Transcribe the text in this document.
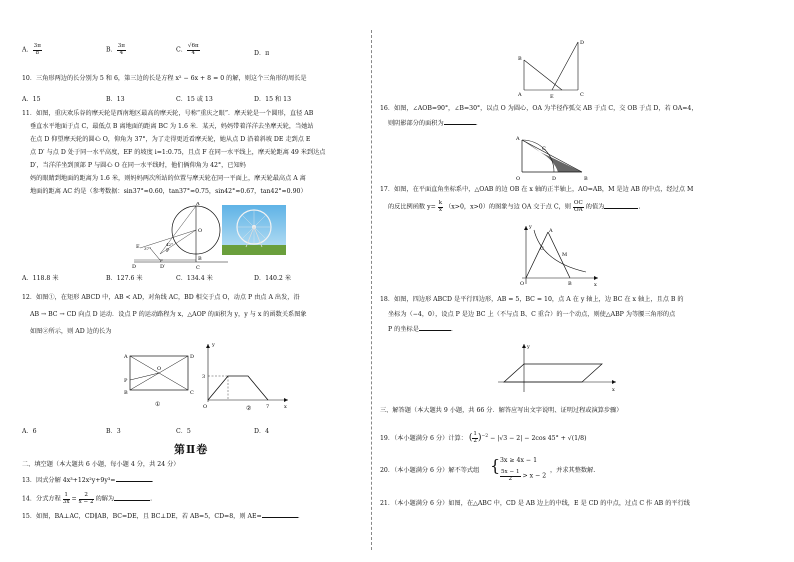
A． $\frac{3\pi}{8}$	B． $\frac{3\pi}{4}$	C． $\frac{√6\pi}{4}$	D．π
10．三角形两边的长分别为 5 和 6，第三边的长是方程 x² − 6x + 8 = 0 的解，则这个三角形的周长是
A．15	B．13	C．15 或 13	D．15 和 13
11．如图，重庆欢乐谷的摩天轮是西南地区最高的摩天轮，号称“重庆之眼”．摩天轮是一个圆形，直径 AB
垂直水平地面于点 C，最低点 B 离地面的距离 BC 为 1.6 米．某天，妈妈带着洋洋去坐摩天轮，当她站
在点 D 仰望摩天轮的圆心 O，仰角为 37°，为了走得更近看摩天轮，她从点 D 沿着斜坡 DE 走到点 E
点 D′ 与点 D 处于同一水平高度，EF 的坡度 i=1:0.75，且点 F 在同一水平线上，摩天轮距离 49 米到达点
D′，当洋洋坐到顶部 P 与圆心 O 在同一水平线时，他们俩仰角为 42°，已知妈
妈的眼睛到地面的距离为 1.6 米，则妈妈两次所站的位置与摩天轮在同一平面上，摩天轮最高点 A 离
地面的距离 AC 约是（参考数据：sin37°≈0.60，tan37°≈0.75，sin42°≈0.67，tan42°≈0.90）
A
O
B
C
E
P
D	D′
F
37°
42°
A．118.8 米	B．127.6 米	C．134.4 米	D．140.2 米
12．如图①，在矩形 ABCD 中，AB < AD，对角线 AC，BD 相交于点 O，动点 P 由点 A 出发，沿
AB → BC → CD 向点 D 运动．设点 P 的运动路程为 x，△AOP 的面积为 y，y 与 x 的函数关系图象
如图②所示，则 AD 边的长为
A	D
B	C
O
P
①
y
x
O
3
7
②
A．6	B．3	C．5	D．4
第Ⅱ卷
二、填空题（本大题共 6 小题，每小题 4 分，共 24 分）
13．因式分解 4x³+12x²y+9y³=	.
14．分式方程 $\frac{1}{3x} = \frac{2}{x - 2}$ 的解为	.
15．如图，BA⊥AC，CD∥AB，BC=DE，且 BC⊥DE，若 AB=5，CD=8，则 AE=	.
B
A
D
C
E
16．如图，∠AOB=90°，∠B=30°，以点 O 为圆心，OA 为半径作弧交 AB 于点 C，交 OB 于点 D，若 OA=4，
则阴影部分的面积为	.
A
O	D	B
C
17．如图，在平面直角坐标系中，△OAB 的边 OB 在 x 轴的正半轴上，AO=AB，M 是边 AB 的中点，经过点 M
的反比例函数 $y= \frac{k}{x} (x>0$，x>0）的图象与边 OA 交于点 C，则 $\frac{OC}{OA}$ 的值为	.
y
x
O
A
B
C
M
18．如图，四边形 ABCD 是平行四边形，AB = 5，BC = 10，点 A 在 y 轴上，边 BC 在 x 轴上，且点 B 的
坐标为（−4，0），设点 P 是边 BC 上（不与点 B、C 重合）的一个动点，则使△ABP 为等腰三角形的点
P 的坐标是	.
y
x
三、解答题（本大题共 9 小题，共 66 分．解答应写出文字说明、证明过程或演算步骤）
19．（本小题满分 6 分）计算： ( $\frac{1}{2} )^{-2} - |√3 - 2| - 2\cos$ 45° + √(1/8)
20．（本小题满分 6 分）解不等式组 { 3x ≥ 4x − 1
$\frac{5x - 1}{2} > x - 2$
，并求其整数解.
21．（本小题满分 6 分）如图，在△ABC 中，CD 是 AB 边上的中线，E 是 CD 的中点，过点 C 作 AB 的平行线
